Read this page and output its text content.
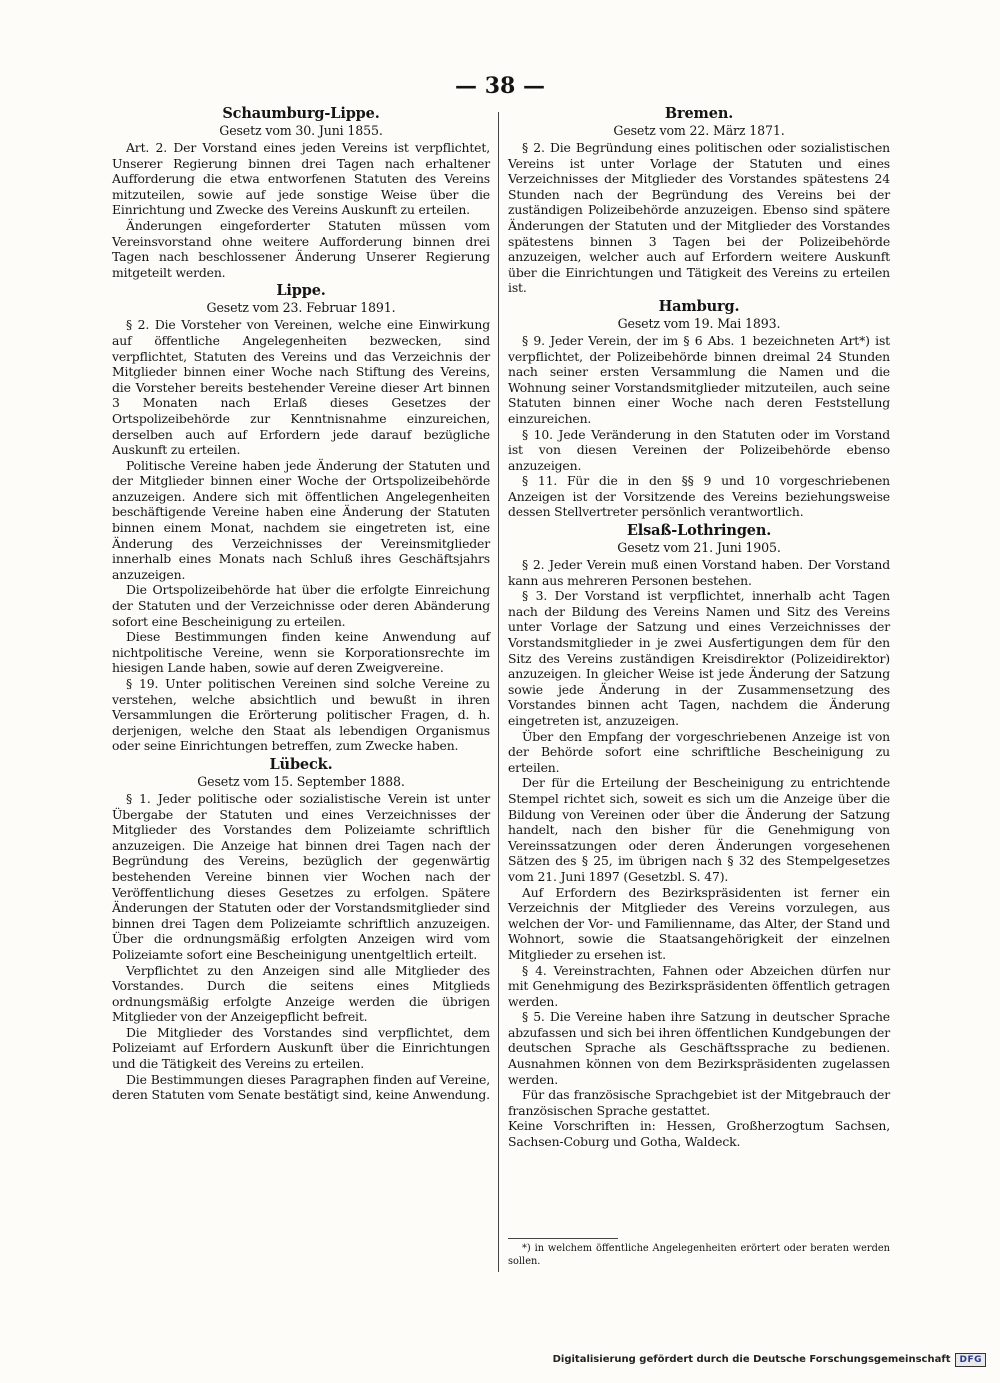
— 38 —
Schaumburg-Lippe.
Gesetz vom 30. Juni 1855.

Art. 2. Der Vorstand eines jeden Vereins ist verpflichtet, Unserer Regierung binnen drei Tagen nach erhaltener Aufforderung die etwa entworfenen Statuten des Vereins mitzuteilen, sowie auf jede sonstige Weise über die Einrichtung und Zwecke des Vereins Auskunft zu erteilen.

Änderungen eingeforderter Statuten müssen vom Vereinsvorstand ohne weitere Aufforderung binnen drei Tagen nach beschlossener Änderung Unserer Regierung mitgeteilt werden.

Lippe.
Gesetz vom 23. Februar 1891.

§ 2. Die Vorsteher von Vereinen, welche eine Einwirkung auf öffentliche Angelegenheiten bezwecken, sind verpflichtet, Statuten des Vereins und das Verzeichnis der Mitglieder binnen einer Woche nach Stiftung des Vereins, die Vorsteher bereits bestehender Vereine dieser Art binnen 3 Monaten nach Erlaß dieses Gesetzes der Ortspolizeibehörde zur Kenntnisnahme einzureichen, derselben auch auf Erfordern jede darauf bezügliche Auskunft zu erteilen.

Politische Vereine haben jede Änderung der Statuten und der Mitglieder binnen einer Woche der Ortspolizeibehörde anzuzeigen. Andere sich mit öffentlichen Angelegenheiten beschäftigende Vereine haben eine Änderung der Statuten binnen einem Monat, nachdem sie eingetreten ist, eine Änderung des Verzeichnisses der Vereinsmitglieder innerhalb eines Monats nach Schluß ihres Geschäftsjahrs anzuzeigen.

Die Ortspolizeibehörde hat über die erfolgte Einreichung der Statuten und der Verzeichnisse oder deren Abänderung sofort eine Bescheinigung zu erteilen.

Diese Bestimmungen finden keine Anwendung auf nichtpolitische Vereine, wenn sie Korporationsrechte im hiesigen Lande haben, sowie auf deren Zweigvereine.

§ 19. Unter politischen Vereinen sind solche Vereine zu verstehen, welche absichtlich und bewußt in ihren Versammlungen die Erörterung politischer Fragen, d. h. derjenigen, welche den Staat als lebendigen Organismus oder seine Einrichtungen betreffen, zum Zwecke haben.

Lübeck.
Gesetz vom 15. September 1888.

§ 1. Jeder politische oder sozialistische Verein ist unter Übergabe der Statuten und eines Verzeichnisses der Mitglieder des Vorstandes dem Polizeiamte schriftlich anzuzeigen. Die Anzeige hat binnen drei Tagen nach der Begründung des Vereins, bezüglich der gegenwärtig bestehenden Vereine binnen vier Wochen nach der Veröffentlichung dieses Gesetzes zu erfolgen. Spätere Änderungen der Statuten oder der Vorstandsmitglieder sind binnen drei Tagen dem Polizeiamte schriftlich anzuzeigen. Über die ordnungsmäßig erfolgten Anzeigen wird vom Polizeiamte sofort eine Bescheinigung unentgeltlich erteilt.

Verpflichtet zu den Anzeigen sind alle Mitglieder des Vorstandes. Durch die seitens eines Mitglieds ordnungsmäßig erfolgte Anzeige werden die übrigen Mitglieder von der Anzeigepflicht befreit.

Die Mitglieder des Vorstandes sind verpflichtet, dem Polizeiamt auf Erfordern Auskunft über die Einrichtungen und die Tätigkeit des Vereins zu erteilen.

Die Bestimmungen dieses Paragraphen finden auf Vereine, deren Statuten vom Senate bestätigt sind, keine Anwendung.

Bremen.
Gesetz vom 22. März 1871.

§ 2. Die Begründung eines politischen oder sozialistischen Vereins ist unter Vorlage der Statuten und eines Verzeichnisses der Mitglieder des Vorstandes spätestens 24 Stunden nach der Begründung des Vereins bei der zuständigen Polizeibehörde anzuzeigen. Ebenso sind spätere Änderungen der Statuten und der Mitglieder des Vorstandes spätestens binnen 3 Tagen bei der Polizeibehörde anzuzeigen, welcher auch auf Erfordern weitere Auskunft über die Einrichtungen und Tätigkeit des Vereins zu erteilen ist.

Hamburg.
Gesetz vom 19. Mai 1893.

§ 9. Jeder Verein, der im § 6 Abs. 1 bezeichneten Art*) ist verpflichtet, der Polizeibehörde binnen dreimal 24 Stunden nach seiner ersten Versammlung die Namen und die Wohnung seiner Vorstandsmitglieder mitzuteilen, auch seine Statuten binnen einer Woche nach deren Feststellung einzureichen.

§ 10. Jede Veränderung in den Statuten oder im Vorstand ist von diesen Vereinen der Polizeibehörde ebenso anzuzeigen.

§ 11. Für die in den §§ 9 und 10 vorgeschriebenen Anzeigen ist der Vorsitzende des Vereins beziehungsweise dessen Stellvertreter persönlich verantwortlich.

Elsaß-Lothringen.
Gesetz vom 21. Juni 1905.

§ 2. Jeder Verein muß einen Vorstand haben. Der Vorstand kann aus mehreren Personen bestehen.

§ 3. Der Vorstand ist verpflichtet, innerhalb acht Tagen nach der Bildung des Vereins Namen und Sitz des Vereins unter Vorlage der Satzung und eines Verzeichnisses der Vorstandsmitglieder in je zwei Ausfertigungen dem für den Sitz des Vereins zuständigen Kreisdirektor (Polizeidirektor) anzuzeigen. In gleicher Weise ist jede Änderung der Satzung sowie jede Änderung in der Zusammensetzung des Vorstandes binnen acht Tagen, nachdem die Änderung eingetreten ist, anzuzeigen.

Über den Empfang der vorgeschriebenen Anzeige ist von der Behörde sofort eine schriftliche Bescheinigung zu erteilen.

Der für die Erteilung der Bescheinigung zu entrichtende Stempel richtet sich, soweit es sich um die Anzeige über die Bildung von Vereinen oder über die Änderung der Satzung handelt, nach den bisher für die Genehmigung von Vereinssatzungen oder deren Änderungen vorgesehenen Sätzen des § 25, im übrigen nach § 32 des Stempelgesetzes vom 21. Juni 1897 (Gesetzbl. S. 47).

Auf Erfordern des Bezirkspräsidenten ist ferner ein Verzeichnis der Mitglieder des Vereins vorzulegen, aus welchen der Vor- und Familienname, das Alter, der Stand und Wohnort, sowie die Staatsangehörigkeit der einzelnen Mitglieder zu ersehen ist.

§ 4. Vereinstrachten, Fahnen oder Abzeichen dürfen nur mit Genehmigung des Bezirkspräsidenten öffentlich getragen werden.

§ 5. Die Vereine haben ihre Satzung in deutscher Sprache abzufassen und sich bei ihren öffentlichen Kundgebungen der deutschen Sprache als Geschäftssprache zu bedienen. Ausnahmen können von dem Bezirkspräsidenten zugelassen werden.

Für das französische Sprachgebiet ist der Mitgebrauch der französischen Sprache gestattet.

Keine Vorschriften in: Hessen, Großherzogtum Sachsen, Sachsen-Coburg und Gotha, Waldeck.

*) in welchem öffentliche Angelegenheiten erörtert oder beraten werden sollen.

Digitalisierung gefördert durch die Deutsche Forschungsgemeinschaft	DFG
